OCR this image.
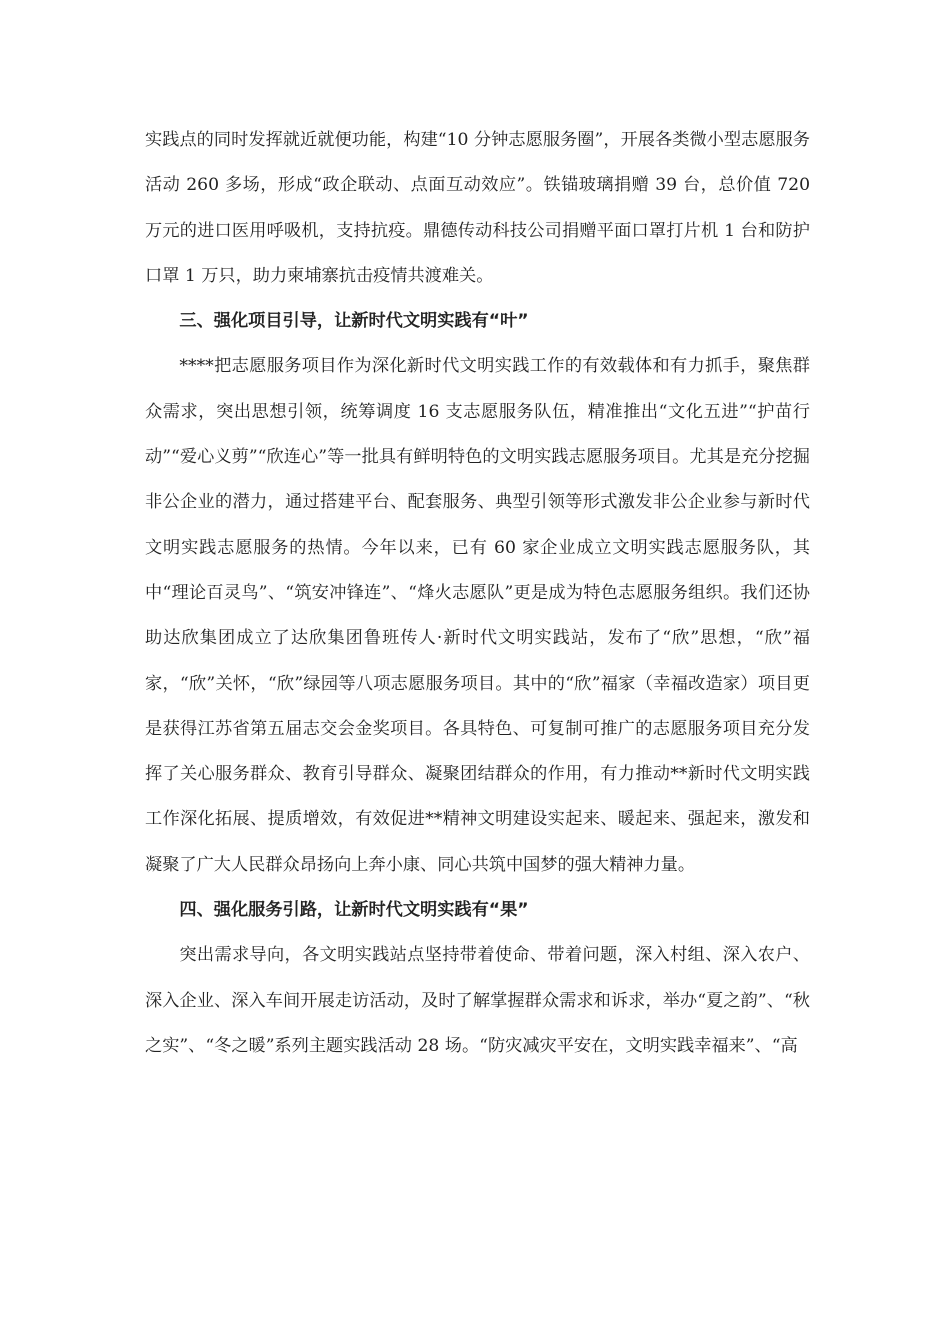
实践点的同时发挥就近就便功能，构建“10 分钟志愿服务圈”，开展各类微小型志愿服务活动 260 多场，形成“政企联动、点面互动效应”。铁锚玻璃捐赠 39 台，总价值 720 万元的进口医用呼吸机，支持抗疫。鼎德传动科技公司捐赠平面口罩打片机 1 台和防护口罩 1 万只，助力柬埔寨抗击疫情共渡难关。

三、强化项目引导，让新时代文明实践有“叶”

****把志愿服务项目作为深化新时代文明实践工作的有效载体和有力抓手，聚焦群众需求，突出思想引领，统筹调度 16 支志愿服务队伍，精准推出“文化五进”“护苗行动”“爱心义剪”“欣连心”等一批具有鲜明特色的文明实践志愿服务项目。尤其是充分挖掘非公企业的潜力，通过搭建平台、配套服务、典型引领等形式激发非公企业参与新时代文明实践志愿服务的热情。今年以来，已有 60 家企业成立文明实践志愿服务队，其中“理论百灵鸟”、“筑安冲锋连”、“烽火志愿队”更是成为特色志愿服务组织。我们还协助达欣集团成立了达欣集团鲁班传人·新时代文明实践站，发布了“欣”思想，“欣”福家，“欣”关怀，“欣”绿园等八项志愿服务项目。其中的“欣”福家（幸福改造家）项目更是获得江苏省第五届志交会金奖项目。各具特色、可复制可推广的志愿服务项目充分发挥了关心服务群众、教育引导群众、凝聚团结群众的作用，有力推动**新时代文明实践工作深化拓展、提质增效，有效促进**精神文明建设实起来、暖起来、强起来，激发和凝聚了广大人民群众昂扬向上奔小康、同心共筑中国梦的强大精神力量。

四、强化服务引路，让新时代文明实践有“果”

突出需求导向，各文明实践站点坚持带着使命、带着问题，深入村组、深入农户、深入企业、深入车间开展走访活动，及时了解掌握群众需求和诉求，举办“夏之韵”、“秋之实”、“冬之暖”系列主题实践活动 28 场。“防灾减灾平安在，文明实践幸福来”、“高
